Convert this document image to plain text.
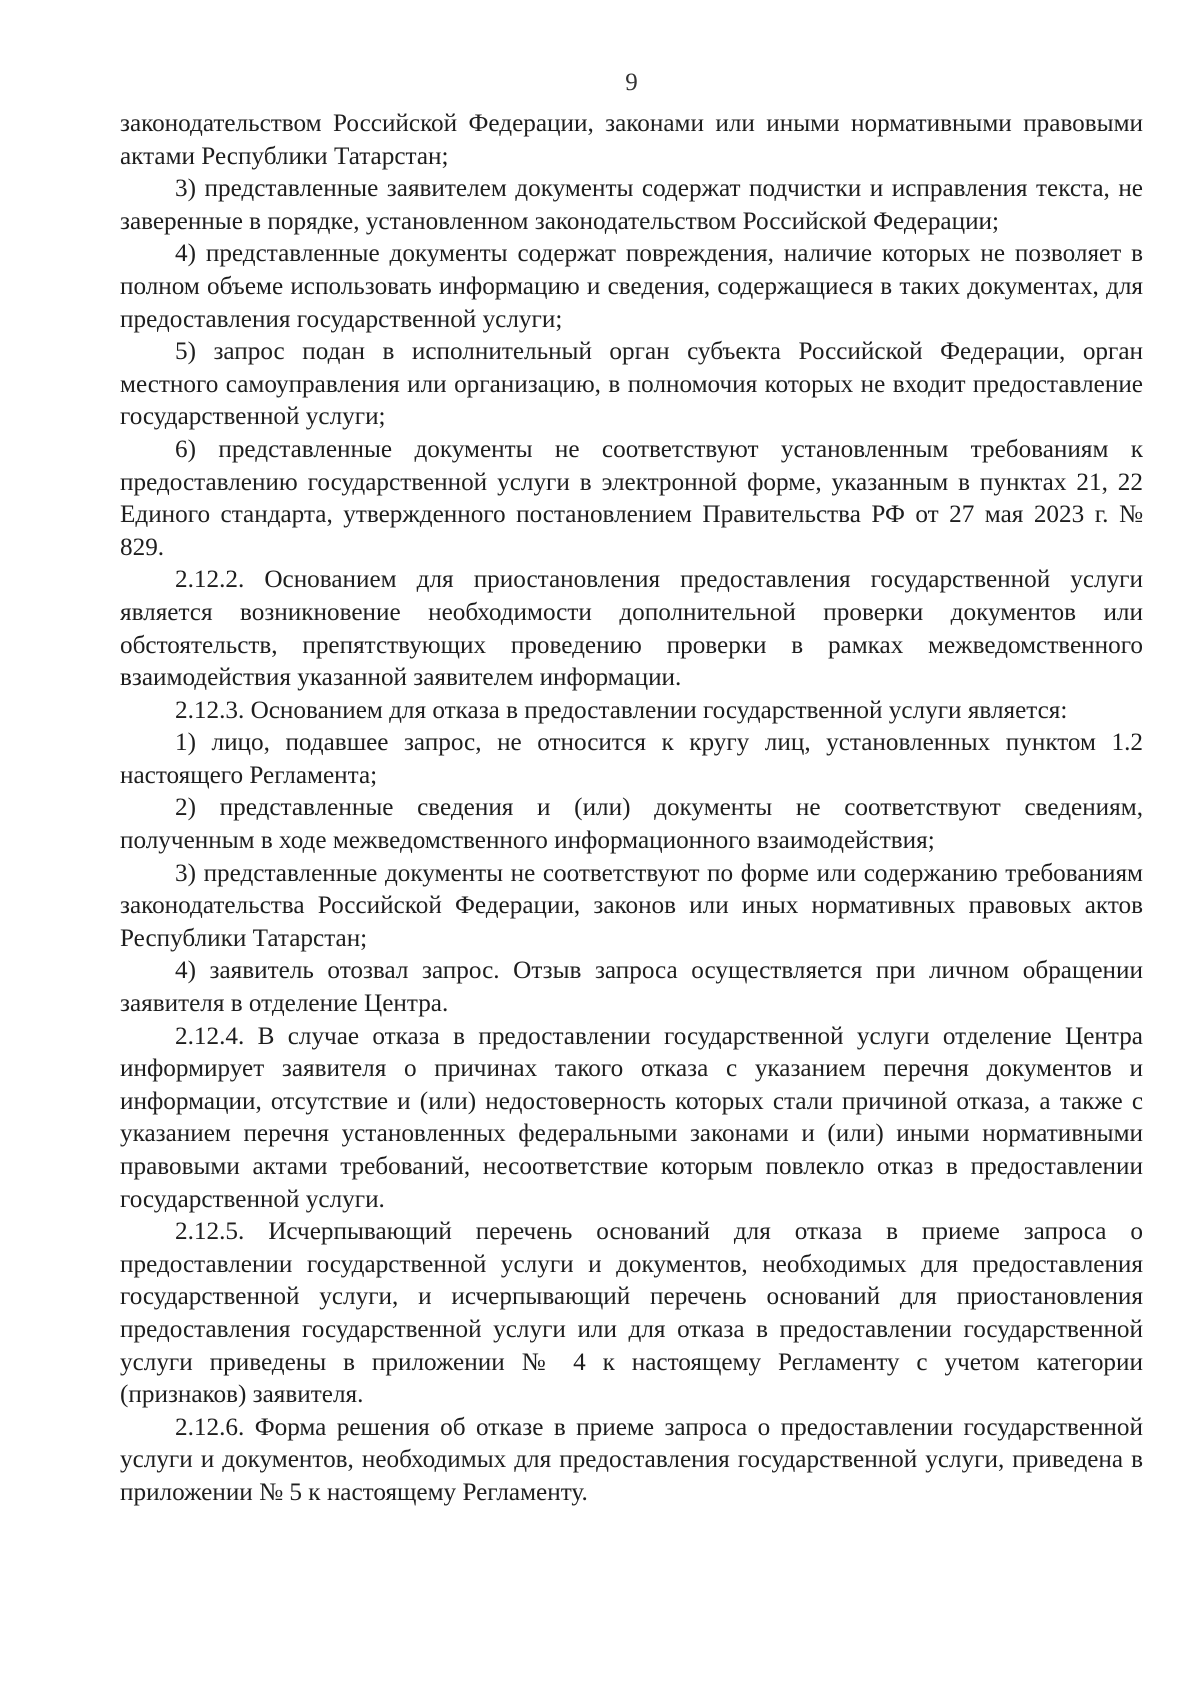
9

законодательством Российской Федерации, законами или иными нормативными правовыми актами Республики Татарстан;

3) представленные заявителем документы содержат подчистки и исправления текста, не заверенные в порядке, установленном законодательством Российской Федерации;

4) представленные документы содержат повреждения, наличие которых не позволяет в полном объеме использовать информацию и сведения, содержащиеся в таких документах, для предоставления государственной услуги;

5) запрос подан в исполнительный орган субъекта Российской Федерации, орган местного самоуправления или организацию, в полномочия которых не входит предоставление государственной услуги;

6) представленные документы не соответствуют установленным требованиям к предоставлению государственной услуги в электронной форме, указанным в пунктах 21, 22 Единого стандарта, утвержденного постановлением Правительства РФ от 27 мая 2023 г. № 829.

2.12.2. Основанием для приостановления предоставления государственной услуги является возникновение необходимости дополнительной проверки документов или обстоятельств, препятствующих проведению проверки в рамках межведомственного взаимодействия указанной заявителем информации.

2.12.3. Основанием для отказа в предоставлении государственной услуги является:

1) лицо, подавшее запрос, не относится к кругу лиц, установленных пунктом 1.2 настоящего Регламента;

2) представленные сведения и (или) документы не соответствуют сведениям, полученным в ходе межведомственного информационного взаимодействия;

3) представленные документы не соответствуют по форме или содержанию требованиям законодательства Российской Федерации, законов или иных нормативных правовых актов Республики Татарстан;

4) заявитель отозвал запрос. Отзыв запроса осуществляется при личном обращении заявителя в отделение Центра.

2.12.4. В случае отказа в предоставлении государственной услуги отделение Центра информирует заявителя о причинах такого отказа с указанием перечня документов и информации, отсутствие и (или) недостоверность которых стали причиной отказа, а также с указанием перечня установленных федеральными законами и (или) иными нормативными правовыми актами требований, несоответствие которым повлекло отказ в предоставлении государственной услуги.

2.12.5. Исчерпывающий перечень оснований для отказа в приеме запроса о предоставлении государственной услуги и документов, необходимых для предоставления государственной услуги, и исчерпывающий перечень оснований для приостановления предоставления государственной услуги или для отказа в предоставлении государственной услуги приведены в приложении № 4 к настоящему Регламенту с учетом категории (признаков) заявителя.

2.12.6. Форма решения об отказе в приеме запроса о предоставлении государственной услуги и документов, необходимых для предоставления государственной услуги, приведена в приложении № 5 к настоящему Регламенту.
